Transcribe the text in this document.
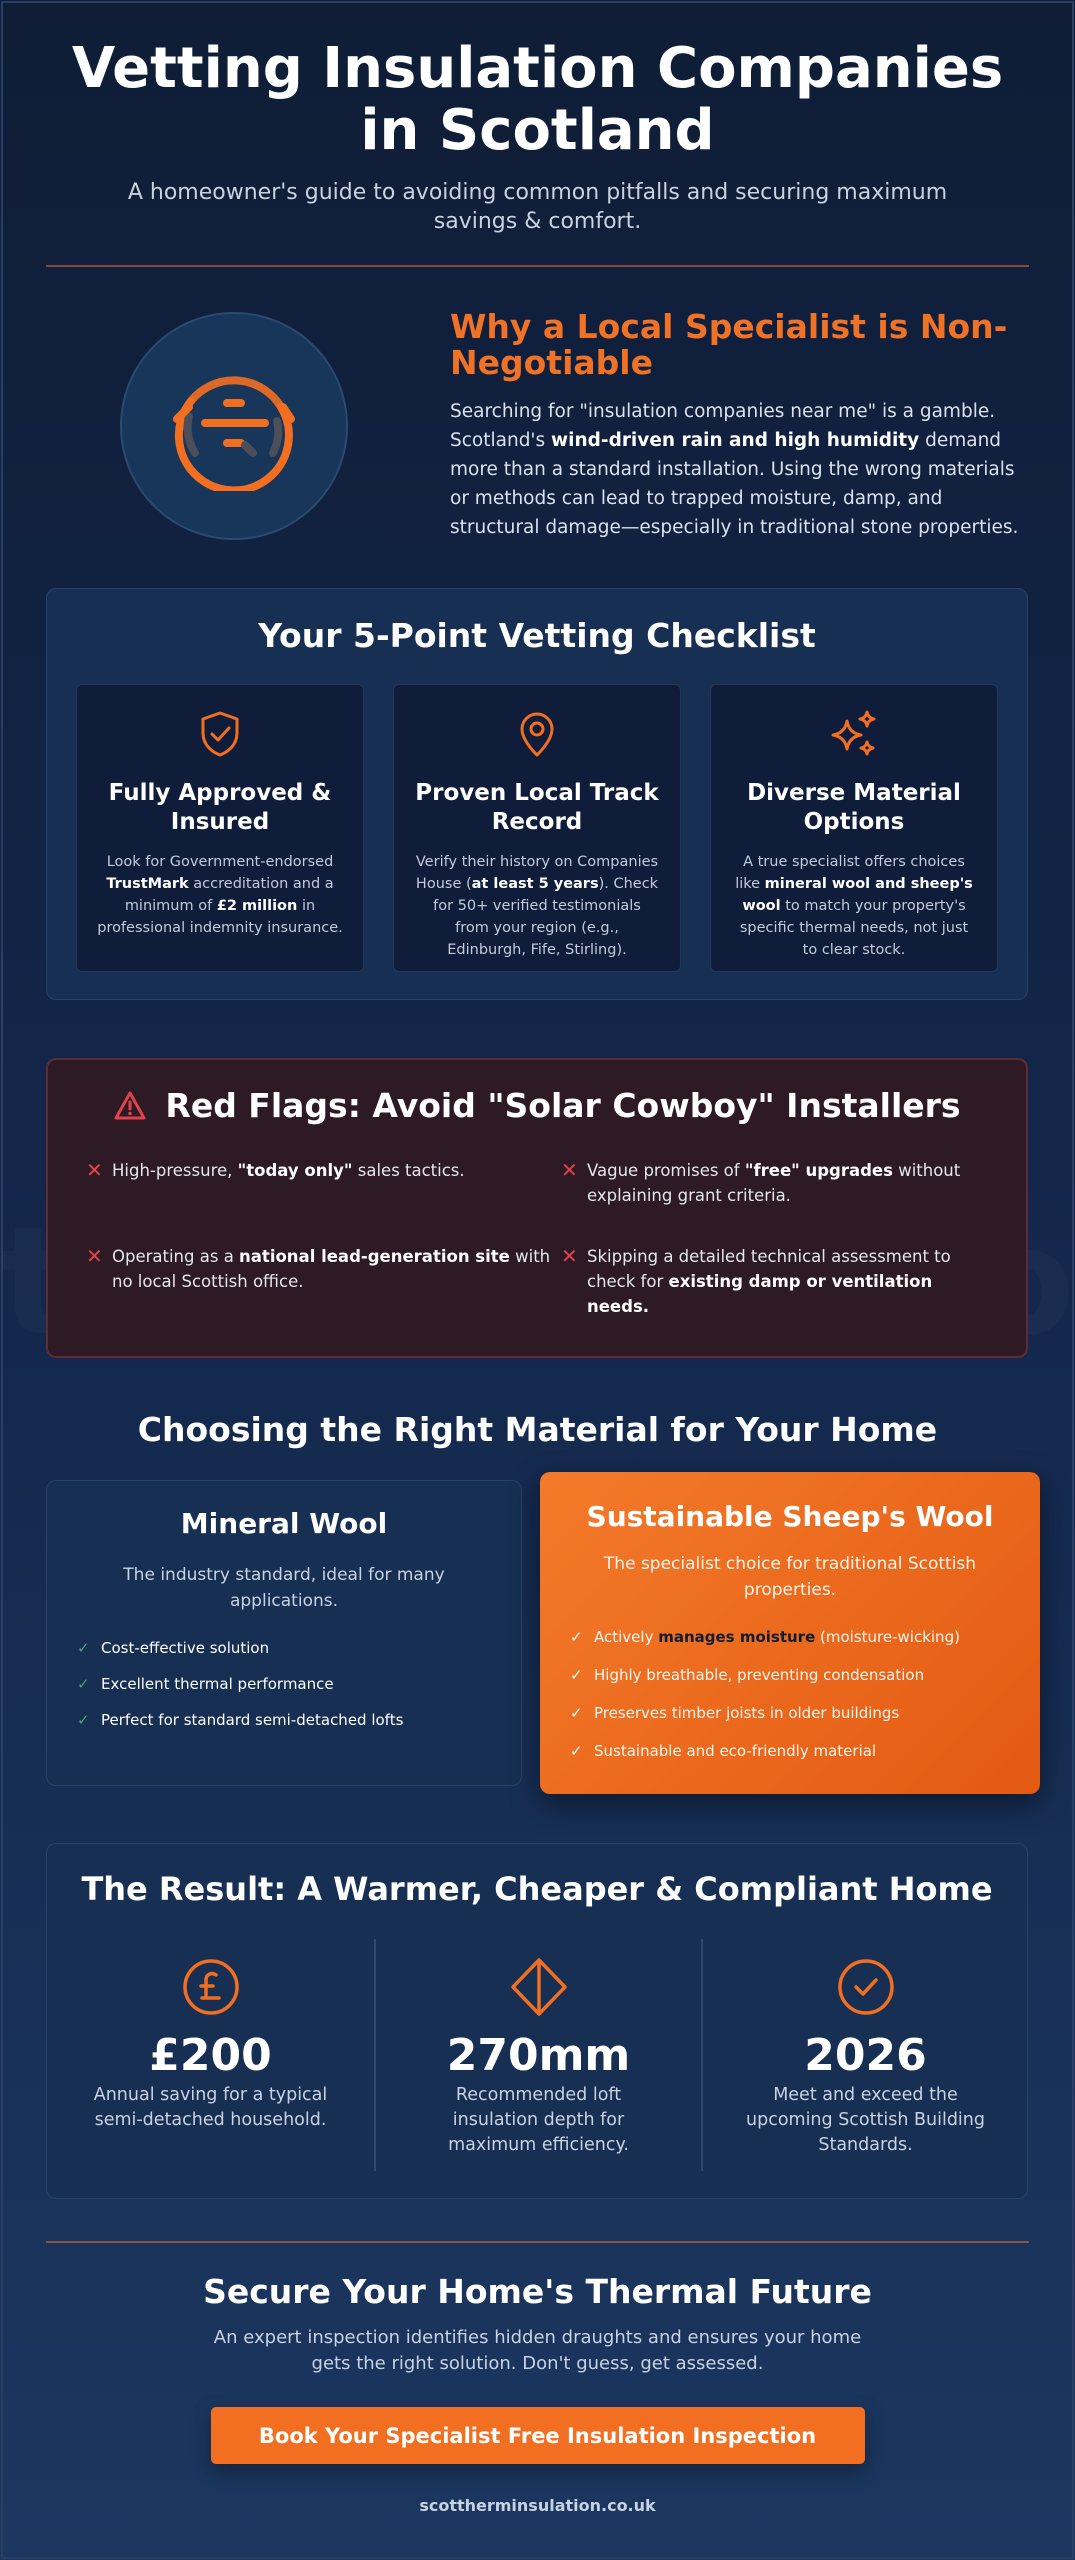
Vetting Insulation Companies in Scotland

A homeowner's guide to avoiding common pitfalls and securing maximum savings & comfort.

Why a Local Specialist is Non-Negotiable

Searching for "insulation companies near me" is a gamble. Scotland's wind-driven rain and high humidity demand more than a standard installation. Using the wrong materials or methods can lead to trapped moisture, damp, and structural damage—especially in traditional stone properties.

Your 5-Point Vetting Checklist
Fully Approved & Insured
Look for Government-endorsed TrustMark accreditation and a minimum of £2 million in professional indemnity insurance.
Proven Local Track Record
Verify their history on Companies House (at least 5 years). Check for 50+ verified testimonials from your region (e.g., Edinburgh, Fife, Stirling).
Diverse Material Options
A true specialist offers choices like mineral wool and sheep's wool to match your property's specific thermal needs, not just to clear stock.
Red Flags: Avoid "Solar Cowboy" Installers
✕ High-pressure, "today only" sales tactics.	✕ Vague promises of "free" upgrades without explaining grant criteria.
✕ Operating as a national lead-generation site with no local Scottish office.
✕ Skipping a detailed technical assessment to check for existing damp or ventilation needs.
Choosing the Right Material for Your Home
Mineral Wool
The industry standard, ideal for many applications.
✓ Cost-effective solution
✓ Excellent thermal performance
✓ Perfect for standard semi-detached lofts
Sustainable Sheep's Wool
The specialist choice for traditional Scottish properties.
✓ Actively manages moisture (moisture-wicking)
✓ Highly breathable, preventing condensation
✓ Preserves timber joists in older buildings
✓ Sustainable and eco-friendly material
The Result: A Warmer, Cheaper & Compliant Home
£200
Annual saving for a typical semi-detached household.
270mm
Recommended loft insulation depth for maximum efficiency.
2026
Meet and exceed the upcoming Scottish Building Standards.
Secure Your Home's Thermal Future

An expert inspection identifies hidden draughts and ensures your home gets the right solution. Don't guess, get assessed.

Book Your Specialist Free Insulation Inspection
scottherminsulation.co.uk
